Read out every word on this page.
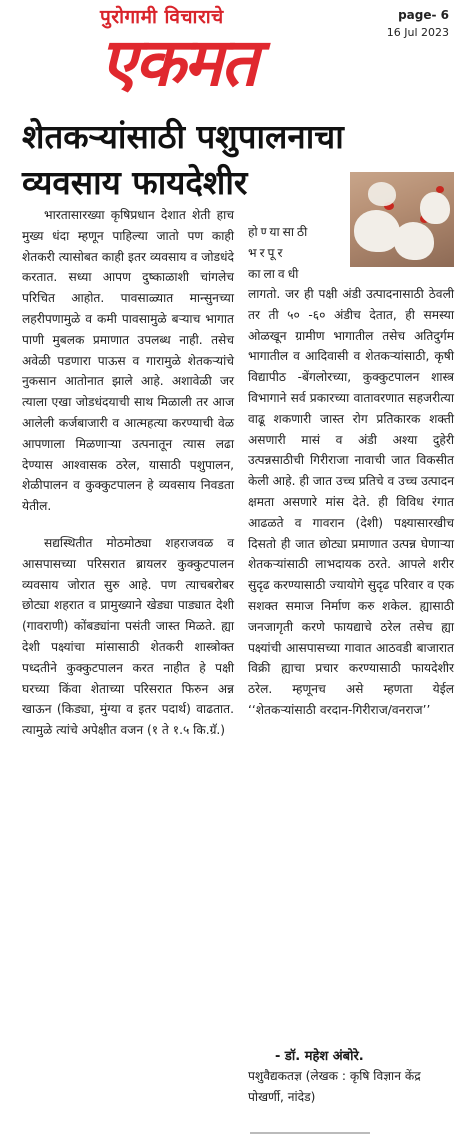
पुरोगामी विचाराचे
एकमत
page- 6
16 Jul 2023
शेतकऱ्यांसाठी पशुपालनाचा व्यवसाय फायदेशीर

भारतासारख्या कृषिप्रधान देशात शेती हाच मुख्य धंदा म्हणून पाहिल्या जातो पण काही शेतकरी त्यासोबत काही इतर व्यवसाय व जोडधंदे करतात. सध्या आपण दुष्काळाशी चांगलेच परिचित आहोत. पावसाळ्यात मान्सुनच्या लहरीपणामुळे व कमी पावसामुळे बऱ्याच भागात पाणी मुबलक प्रमाणात उपलब्ध नाही. तसेच अवेळी पडणारा पाऊस व गारामुळे शेतकऱ्यांचे नुकसान आतोनात झाले आहे. अशावेळी जर त्याला एखा जोडधंदयाची साथ मिळाली तर आज आलेली कर्जबाजारी व आत्महत्या करण्याची वेळ आपणाला मिळणाऱ्या उत्पनातून त्यास लढा देण्यास आश्वासक ठरेल, यासाठी पशुपालन, शेळीपालन व कुक्कुटपालन हे व्यवसाय निवडता येतील.

सद्यस्थितीत मोठमोठ्या शहराजवळ व आसपासच्या परिसरात ब्रायलर कुक्कुटपालन व्यवसाय जोरात सुरु आहे. पण त्याचबरोबर छोट्या शहरात व प्रामुख्याने खेड्या पाड्यात देशी (गावराणी) कोंबड्यांना पसंती जास्त मिळते. ह्या देशी पक्ष्यांचा मांसासाठी शेतकरी शास्त्रोक्त पध्दतीने कुक्कुटपालन करत नाहीत हे पक्षी घरच्या किंवा शेताच्या परिसरात फिरुन अन्न खाऊन (किड्या, मुंग्या व इतर पदार्थ) वाढतात. त्यामुळे त्यांचे अपेक्षीत वजन (१ ते १.५ कि.ग्रॅ.)

होण्यासाठी

भरपूर

कालावधी

लागतो. जर ही पक्षी अंडी उत्पादनासाठी ठेवली तर ती ५० -६० अंडीच देतात, ही समस्या ओळखून ग्रामीण भागातील तसेच अतिदुर्गम भागातील व आदिवासी व शेतकऱ्यांसाठी, कृषी विद्यापीठ -बेंगलोरच्या, कुक्कुटपालन शास्त्र विभागाने सर्व प्रकारच्या वातावरणात सहजरीत्या वाढू शकणारी जास्त रोग प्रतिकारक शक्ती असणारी मासं व अंडी अश्या दुहेरी उत्पन्नसाठीची गिरीराजा नावाची जात विकसीत केली आहे. ही जात उच्च प्रतिचे व उच्च उत्पादन क्षमता असणारे मांस देते. ही विविध रंगात आढळते व गावरान (देशी) पक्ष्यासारखीच दिसतो ही जात छोट्या प्रमाणात उत्पन्न घेणाऱ्या शेतकऱ्यांसाठी लाभदायक ठरते. आपले शरीर सुदृढ करण्यासाठी ज्यायोगे सुदृढ परिवार व एक सशक्त समाज निर्माण करु शकेल. ह्यासाठी जनजागृती करणे फायद्याचे ठरेल तसेच ह्या पक्ष्यांची आसपासच्या गावात आठवडी बाजारात विक्री ह्याचा प्रचार करण्यासाठी फायदेशीर ठरेल. म्हणूनच असे म्हणता येईल ‘‘शेतकऱ्यांसाठी वरदान-गिरीराज/वनराज’’

- डॉ. महेश अंबोरे.
पशुवैद्यकतज्ञ (लेखक : कृषि विज्ञान केंद्र पोखर्णी, नांदेड)
